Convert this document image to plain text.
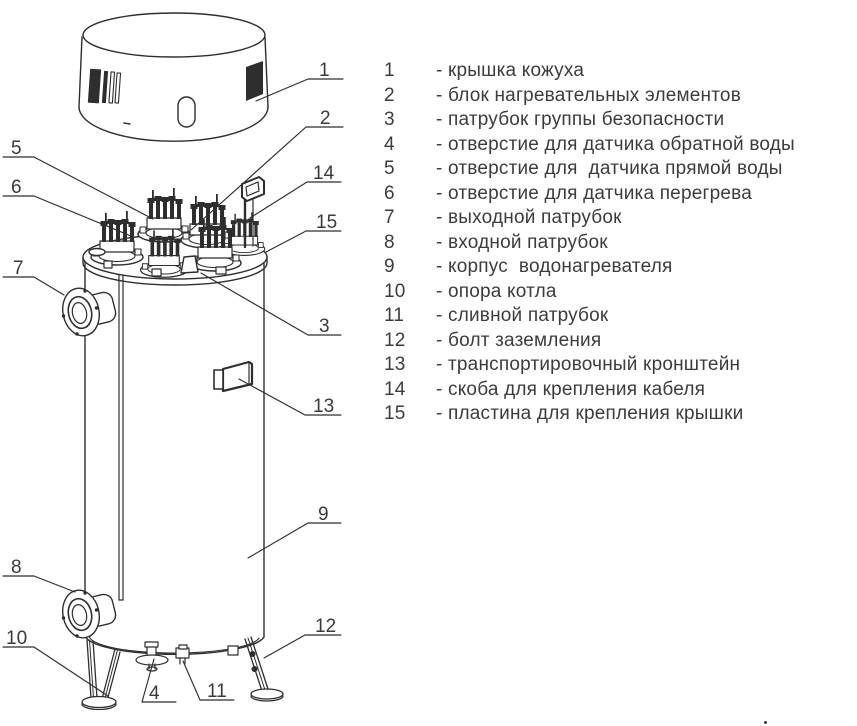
1
2
14
15
5
6
7
3
13
9
12
8
10
4 11
1	- крышка кожуха
2	- блок нагревательных элементов
3	- патрубок группы безопасности
4	- отверстие для датчика обратной воды
5	- отверстие для  датчика прямой воды
6	- отверстие для датчика перегрева
7	- выходной патрубок
8	- входной патрубок
9	- корпус  водонагревателя
10	- опора котла
11	- сливной патрубок
12	- болт заземления
13	- транспортировочный кронштейн
14	- скоба для крепления кабеля
15	- пластина для крепления крышки
